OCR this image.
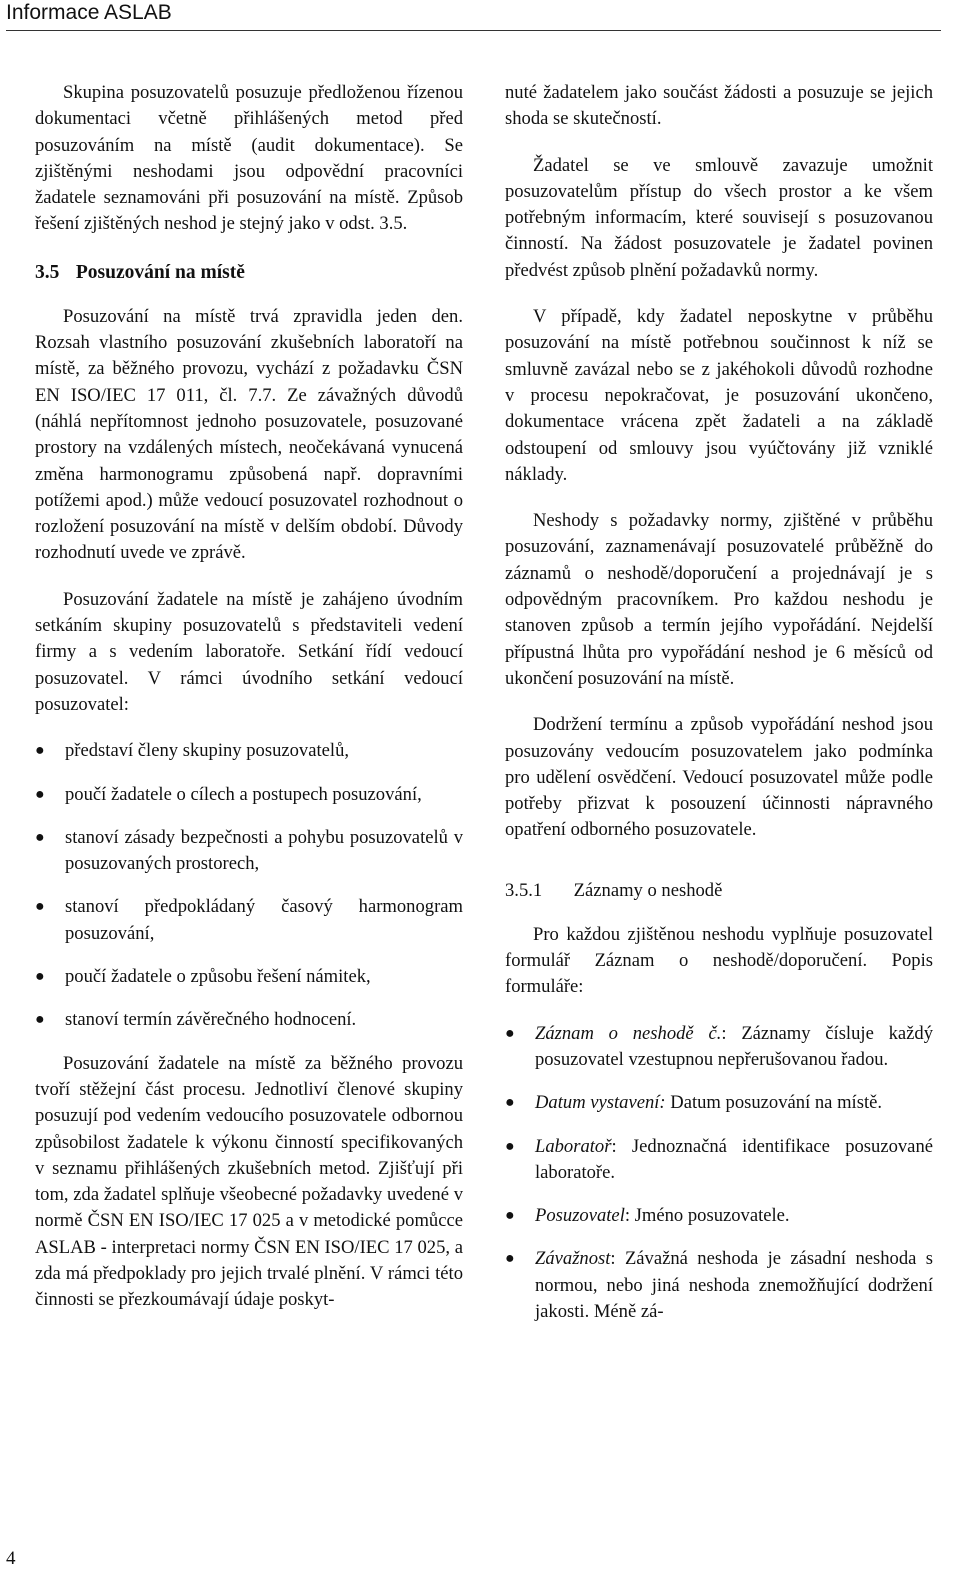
Informace ASLAB

Skupina posuzovatelů posuzuje předloženou řízenou dokumentaci včetně přihlášených metod před posuzováním na místě (audit dokumentace). Se zjištěnými neshodami jsou odpovědní pracovníci žadatele seznamováni při posuzování na místě. Způsob řešení zjištěných neshod je stejný jako v odst. 3.5.

3.5 Posuzování na místě

Posuzování na místě trvá zpravidla jeden den. Rozsah vlastního posuzování zkušebních laboratoří na místě, za běžného provozu, vychází z požadavku ČSN EN ISO/IEC 17 011, čl. 7.7. Ze závažných důvodů (náhlá nepřítomnost jednoho posuzovatele, posuzované prostory na vzdálených místech, neočekávaná vynucená změna harmonogramu způsobená např. dopravními potížemi apod.) může vedoucí posuzovatel rozhodnout o rozložení posuzování na místě v delším období. Důvody rozhodnutí uvede ve zprávě.

Posuzování žadatele na místě je zahájeno úvodním setkáním skupiny posuzovatelů s představiteli vedení firmy a s vedením laboratoře. Setkání řídí vedoucí posuzovatel. V rámci úvodního setkání vedoucí posuzovatel:

●	představí členy skupiny posuzovatelů,
●	poučí žadatele o cílech a postupech posuzování,
●	stanoví zásady bezpečnosti a pohybu posuzovatelů v posuzovaných prostorech,
●	stanoví předpokládaný časový harmonogram posuzování,
●	poučí žadatele o způsobu řešení námitek,
●	stanoví termín závěrečného hodnocení.

Posuzování žadatele na místě za běžného provozu tvoří stěžejní část procesu. Jednotliví členové skupiny posuzují pod vedením vedoucího posuzovatele odbornou způsobilost žadatele k výkonu činností specifikovaných v seznamu přihlášených zkušebních metod. Zjišťují při tom, zda žadatel splňuje všeobecné požadavky uvedené v normě ČSN EN ISO/IEC 17 025 a v metodické pomůcce ASLAB - interpretaci normy ČSN EN ISO/IEC 17 025, a zda má předpoklady pro jejich trvalé plnění. V rámci této činnosti se přezkoumávají údaje poskyt-

nuté žadatelem jako součást žádosti a posuzuje se jejich shoda se skutečností.

Žadatel se ve smlouvě zavazuje umožnit posuzovatelům přístup do všech prostor a ke všem potřebným informacím, které souvisejí s posuzovanou činností. Na žádost posuzovatele je žadatel povinen předvést způsob plnění požadavků normy.

V případě, kdy žadatel neposkytne v průběhu posuzování na místě potřebnou součinnost k níž se smluvně zavázal nebo se z jakéhokoli důvodů rozhodne v procesu nepokračovat, je posuzování ukončeno, dokumentace vrácena zpět žadateli a na základě odstoupení od smlouvy jsou vyúčtovány již vzniklé náklady.

Neshody s požadavky normy, zjištěné v průběhu posuzování, zaznamenávají posuzovatelé průběžně do záznamů o neshodě/doporučení a projednávají je s odpovědným pracovníkem. Pro každou neshodu je stanoven způsob a termín jejího vypořádání. Nejdelší přípustná lhůta pro vypořádání neshod je 6 měsíců od ukončení posuzování na místě.

Dodržení termínu a způsob vypořádání neshod jsou posuzovány vedoucím posuzovatelem jako podmínka pro udělení osvědčení. Vedoucí posuzovatel může podle potřeby přizvat k posouzení účinnosti nápravného opatření odborného posuzovatele.

3.5.1 Záznamy o neshodě

Pro každou zjištěnou neshodu vyplňuje posuzovatel formulář Záznam o neshodě/doporučení. Popis formuláře:

●	Záznam o neshodě č.: Záznamy čísluje každý posuzovatel vzestupnou nepřerušovanou řadou.
●	Datum vystavení: Datum posuzování na místě.
●	Laboratoř: Jednoznačná identifikace posuzované laboratoře.
●	Posuzovatel: Jméno posuzovatele.
●	Závažnost: Závažná neshoda je zásadní neshoda s normou, nebo jiná neshoda znemožňující dodržení jakosti. Méně zá-
4
